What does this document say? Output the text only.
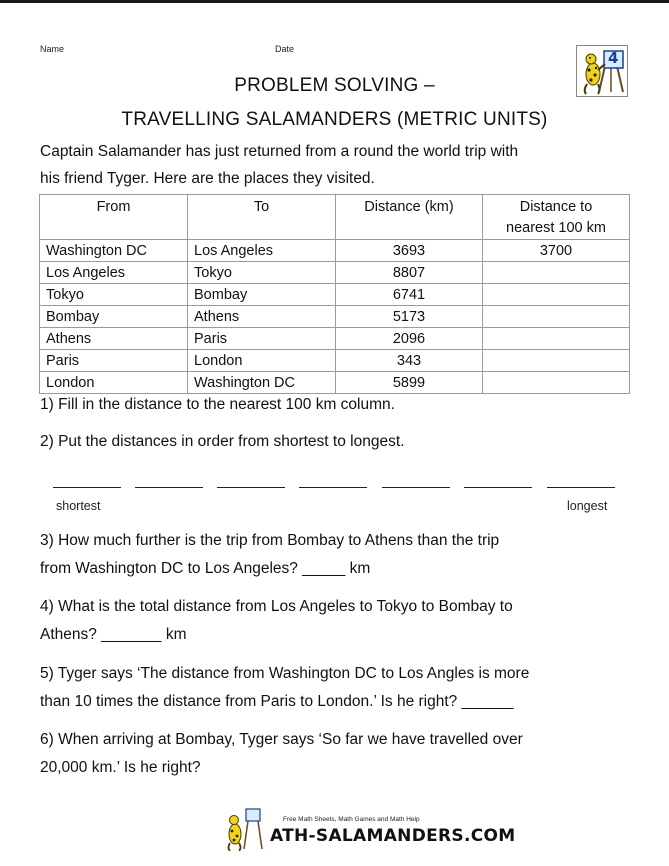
Name	Date	4
PROBLEM SOLVING –
TRAVELLING SALAMANDERS (METRIC UNITS)
Captain Salamander has just returned from a round the world trip with
his friend Tyger. Here are the places they visited.
From	To	Distance (km)	Distance to
nearest 100 km
Washington DC	Los Angeles	3693	3700
Los Angeles	Tokyo	8807	
Tokyo	Bombay	6741	
Bombay	Athens	5173	
Athens	Paris	2096	
Paris	London	343	
London	Washington DC	5899	
1) Fill in the distance to the nearest 100 km column.
2) Put the distances in order from shortest to longest.
shortest	longest
3) How much further is the trip from Bombay to Athens than the trip
from Washington DC to Los Angeles? _____ km
4) What is the total distance from Los Angeles to Tokyo to Bombay to
Athens? _______ km
5) Tyger says ‘The distance from Washington DC to Los Angles is more
than 10 times the distance from Paris to London.’ Is he right? ______
6) When arriving at Bombay, Tyger says ‘So far we have travelled over
20,000 km.’ Is he right?
Free Math Sheets, Math Games and Math Help
ATH-SALAMANDERS.COM
